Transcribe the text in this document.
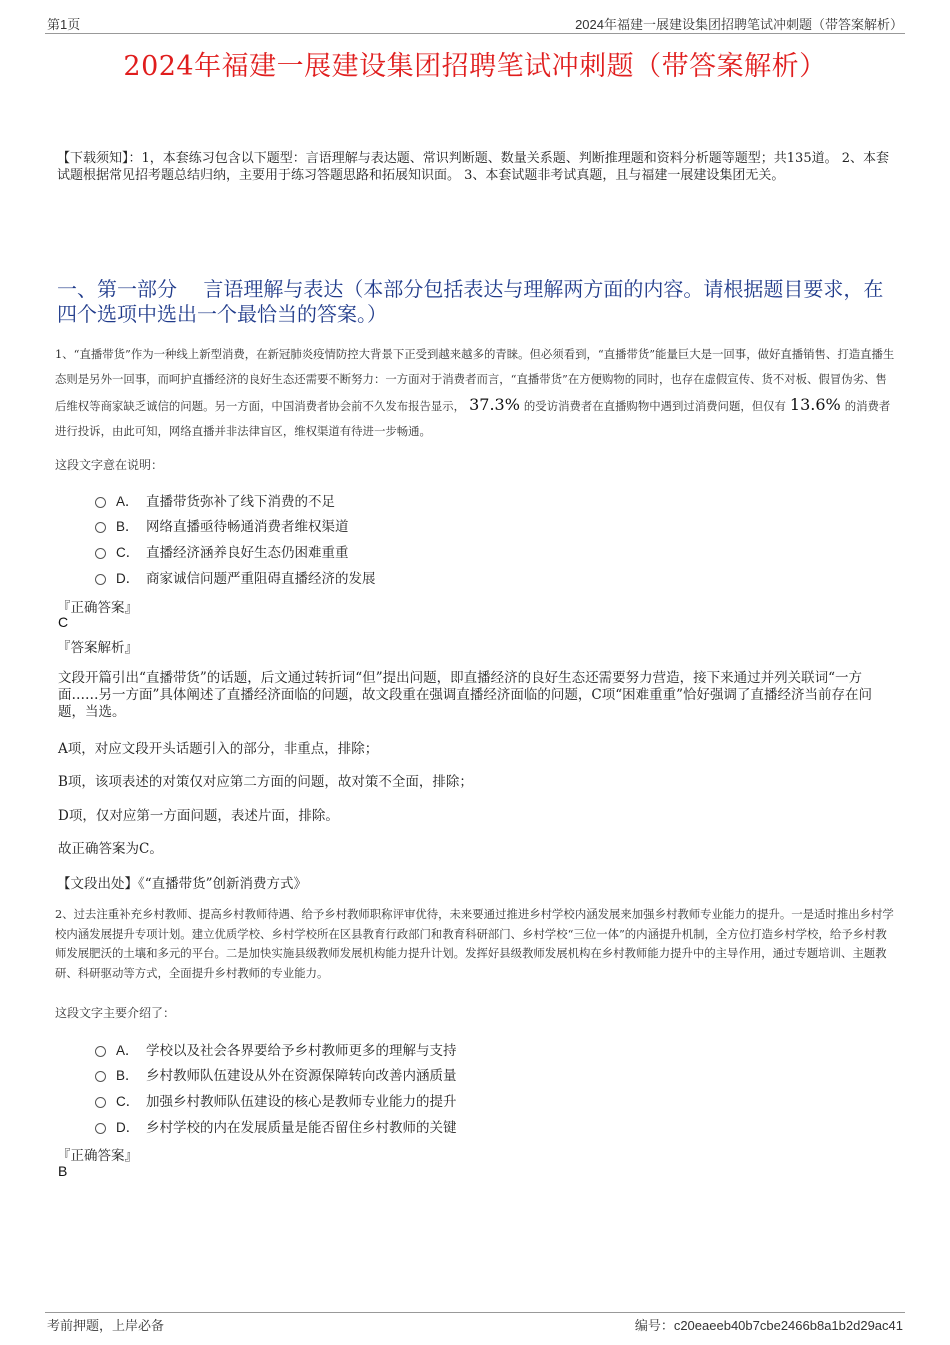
第1页	2024年福建一展建设集团招聘笔试冲刺题（带答案解析）
2024年福建一展建设集团招聘笔试冲刺题（带答案解析）
【下载须知】：1，本套练习包含以下题型：言语理解与表达题、常识判断题、数量关系题、判断推理题和资料分析题等题型；共135道。 2、本套试题根据常见招考题总结归纳，主要用于练习答题思路和拓展知识面。 3、本套试题非考试真题，且与福建一展建设集团无关。
一、第一部分　 言语理解与表达（本部分包括表达与理解两方面的内容。请根据题目要求，在四个选项中选出一个最恰当的答案。）
1、“直播带货”作为一种线上新型消费，在新冠肺炎疫情防控大背景下正受到越来越多的青睐。但必须看到，“直播带货”能量巨大是一回事，做好直播销售、打造直播生态则是另外一回事，而呵护直播经济的良好生态还需要不断努力：一方面对于消费者而言，“直播带货”在方便购物的同时，也存在虚假宣传、货不对板、假冒伪劣、售后维权等商家缺乏诚信的问题。另一方面，中国消费者协会前不久发布报告显示， 37.3% 的受访消费者在直播购物中遇到过消费问题，但仅有 13.6% 的消费者进行投诉，由此可知，网络直播并非法律盲区，维权渠道有待进一步畅通。
这段文字意在说明：
A． 直播带货弥补了线下消费的不足
B． 网络直播亟待畅通消费者维权渠道
C． 直播经济涵养良好生态仍困难重重
D． 商家诚信问题严重阻碍直播经济的发展
『正确答案』
C
『答案解析』
文段开篇引出“直播带货”的话题，后文通过转折词“但”提出问题，即直播经济的良好生态还需要努力营造，接下来通过并列关联词“一方面……另一方面”具体阐述了直播经济面临的问题，故文段重在强调直播经济面临的问题，C项“困难重重”恰好强调了直播经济当前存在问题，当选。
A项，对应文段开头话题引入的部分，非重点，排除；
B项，该项表述的对策仅对应第二方面的问题，故对策不全面，排除；
D项，仅对应第一方面问题，表述片面，排除。
故正确答案为C。
【文段出处】《“直播带货”创新消费方式》
2、过去注重补充乡村教师、提高乡村教师待遇、给予乡村教师职称评审优待，未来要通过推进乡村学校内涵发展来加强乡村教师专业能力的提升。一是适时推出乡村学校内涵发展提升专项计划。建立优质学校、乡村学校所在区县教育行政部门和教育科研部门、乡村学校“三位一体”的内涵提升机制，全方位打造乡村学校，给予乡村教师发展肥沃的土壤和多元的平台。二是加快实施县级教师发展机构能力提升计划。发挥好县级教师发展机构在乡村教师能力提升中的主导作用，通过专题培训、主题教研、科研驱动等方式，全面提升乡村教师的专业能力。
这段文字主要介绍了：
A． 学校以及社会各界要给予乡村教师更多的理解与支持
B． 乡村教师队伍建设从外在资源保障转向改善内涵质量
C． 加强乡村教师队伍建设的核心是教师专业能力的提升
D． 乡村学校的内在发展质量是能否留住乡村教师的关键
『正确答案』
B
考前押题，上岸必备	编号：c20eaeeb40b7cbe2466b8a1b2d29ac41
